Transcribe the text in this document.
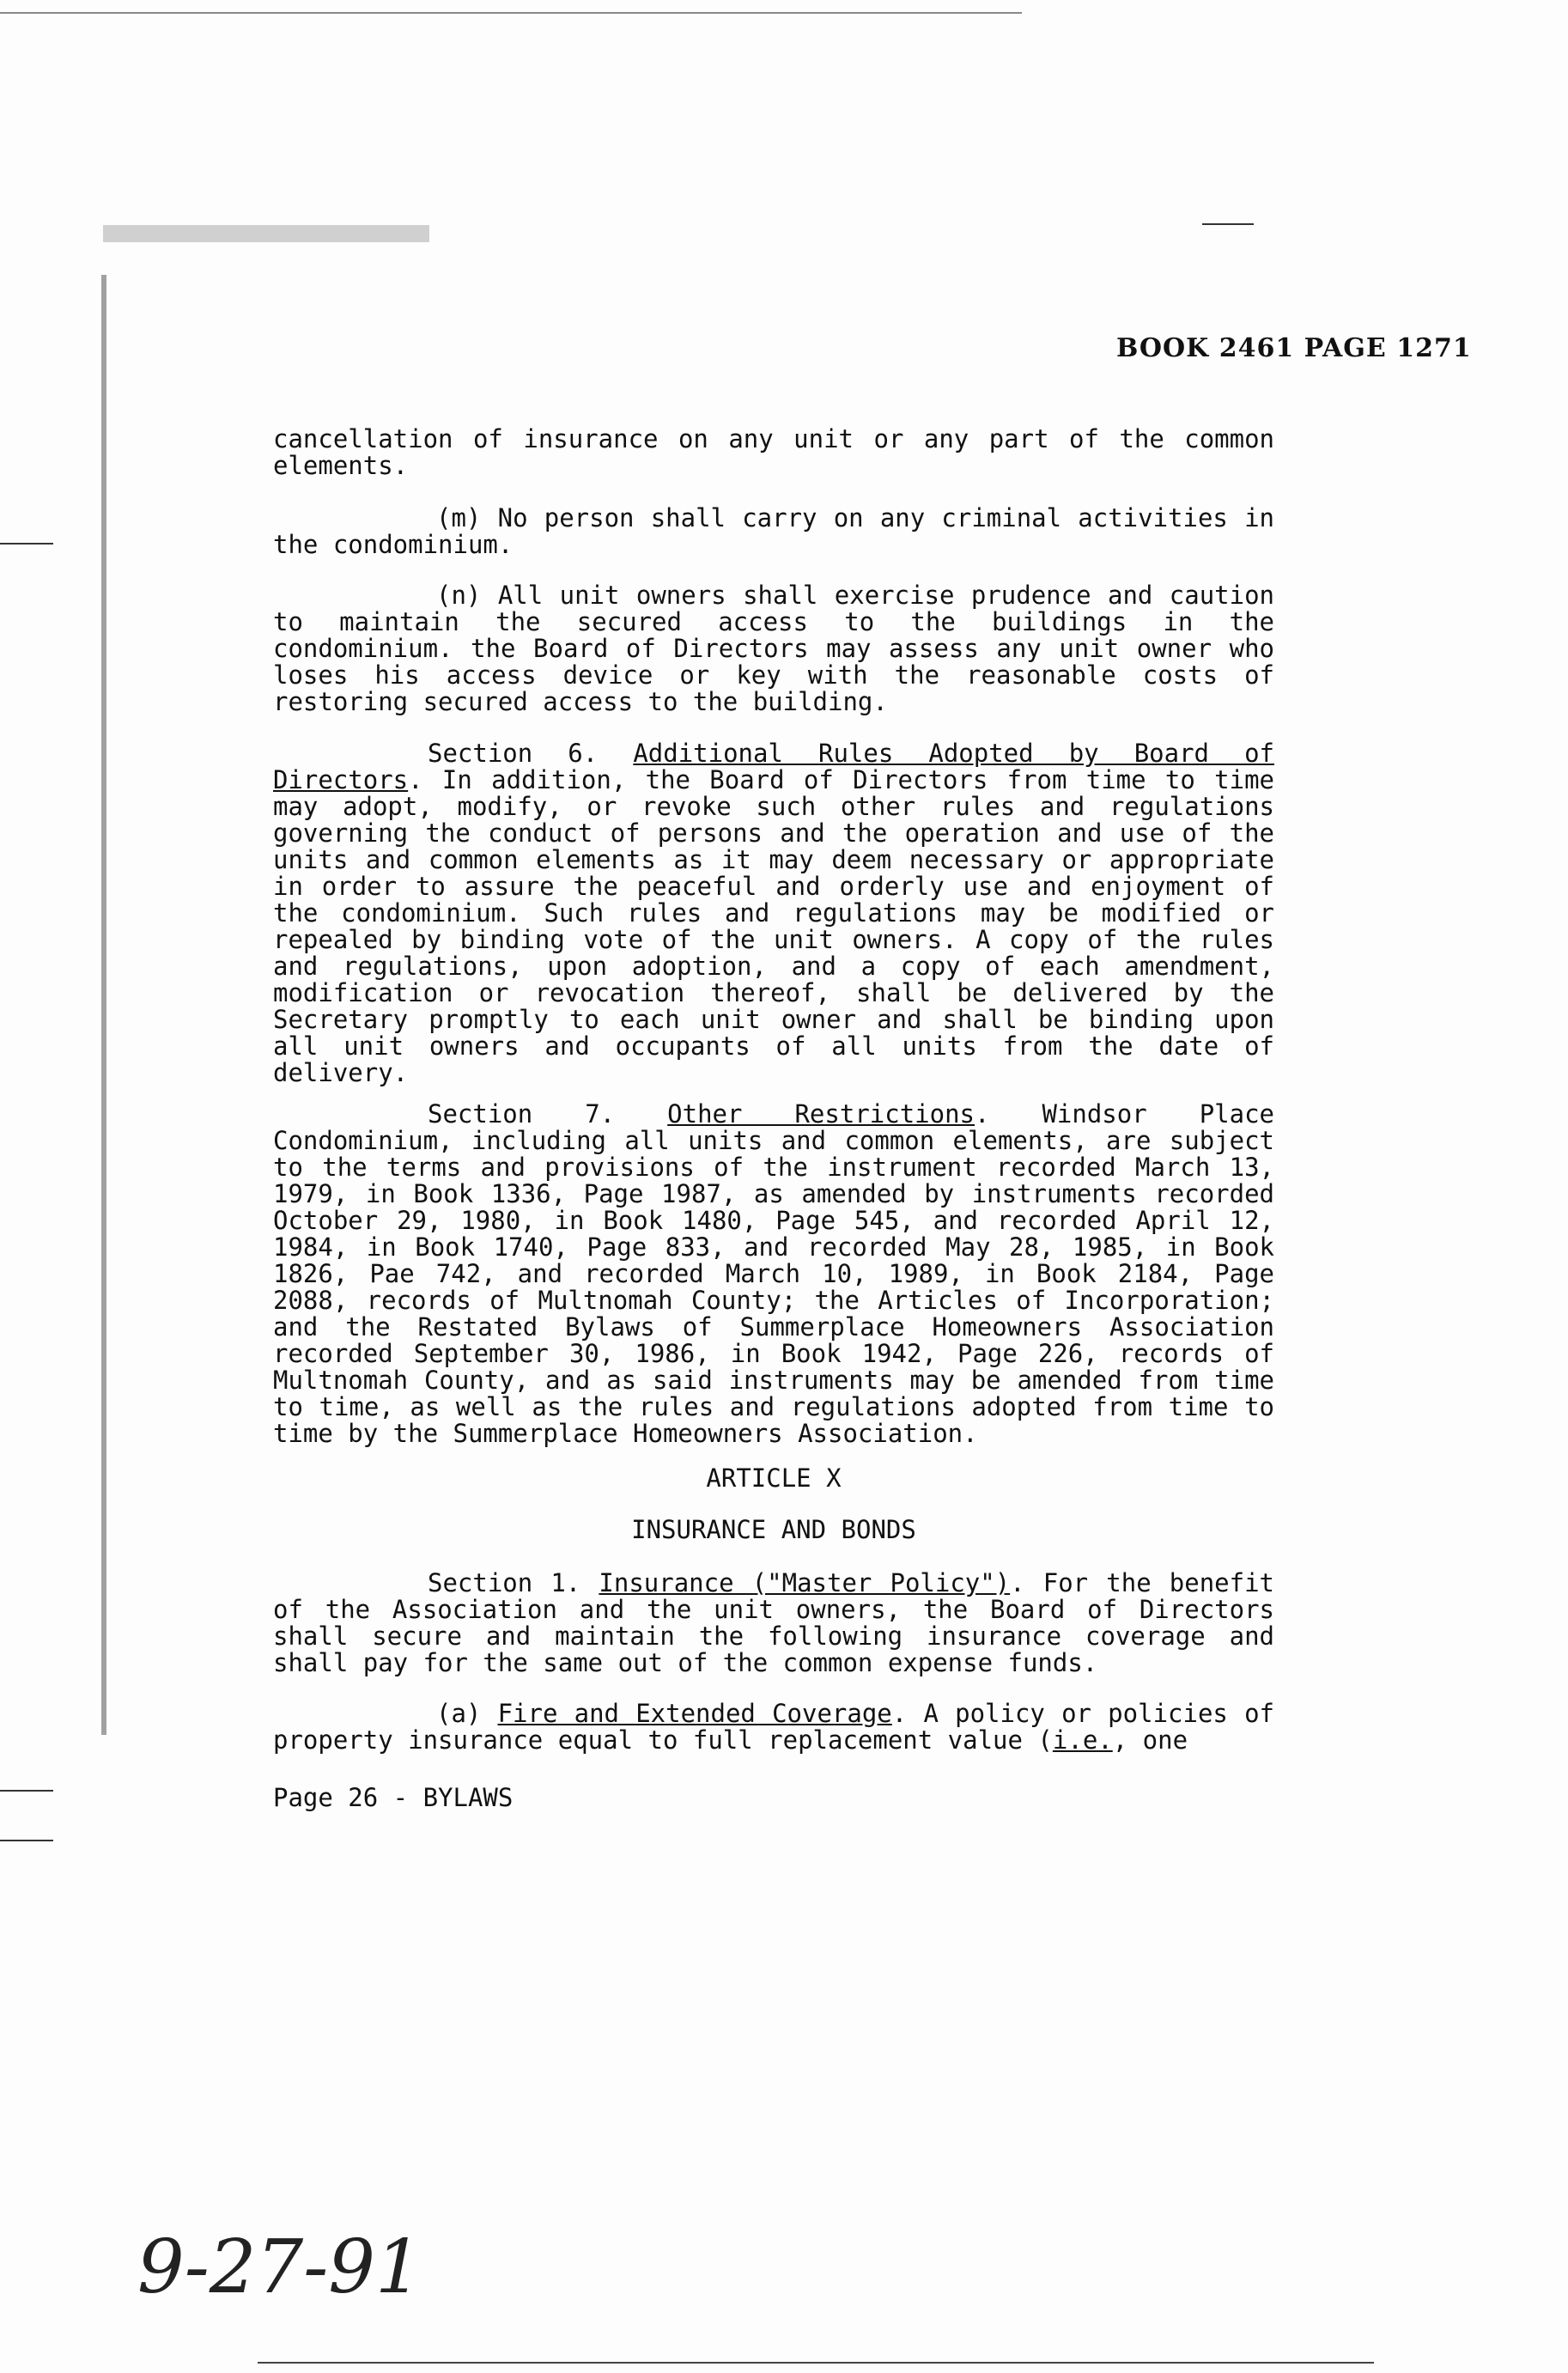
BOOK 2461 PAGE 1271
cancellation of insurance on any unit or any part of the common elements.
(m) No person shall carry on any criminal activities in the condominium.
(n) All unit owners shall exercise prudence and caution to maintain the secured access to the buildings in the condominium. the Board of Directors may assess any unit owner who loses his access device or key with the reasonable costs of restoring secured access to the building.
Section 6. Additional Rules Adopted by Board of Directors. In addition, the Board of Directors from time to time may adopt, modify, or revoke such other rules and regulations governing the conduct of persons and the operation and use of the units and common elements as it may deem necessary or appropriate in order to assure the peaceful and orderly use and enjoyment of the condominium. Such rules and regulations may be modified or repealed by binding vote of the unit owners. A copy of the rules and regulations, upon adoption, and a copy of each amendment, modification or revocation thereof, shall be delivered by the Secretary promptly to each unit owner and shall be binding upon all unit owners and occupants of all units from the date of delivery.
Section 7. Other Restrictions. Windsor Place Condominium, including all units and common elements, are subject to the terms and provisions of the instrument recorded March 13, 1979, in Book 1336, Page 1987, as amended by instruments recorded October 29, 1980, in Book 1480, Page 545, and recorded April 12, 1984, in Book 1740, Page 833, and recorded May 28, 1985, in Book 1826, Pae 742, and recorded March 10, 1989, in Book 2184, Page 2088, records of Multnomah County; the Articles of Incorporation; and the Restated Bylaws of Summerplace Homeowners Association recorded September 30, 1986, in Book 1942, Page 226, records of Multnomah County, and as said instruments may be amended from time to time, as well as the rules and regulations adopted from time to time by the Summerplace Homeowners Association.
ARTICLE X
INSURANCE AND BONDS
Section 1. Insurance ("Master Policy"). For the benefit of the Association and the unit owners, the Board of Directors shall secure and maintain the following insurance coverage and shall pay for the same out of the common expense funds.
(a) Fire and Extended Coverage. A policy or policies of property insurance equal to full replacement value (i.e., one
Page 26 - BYLAWS
9-27-91
